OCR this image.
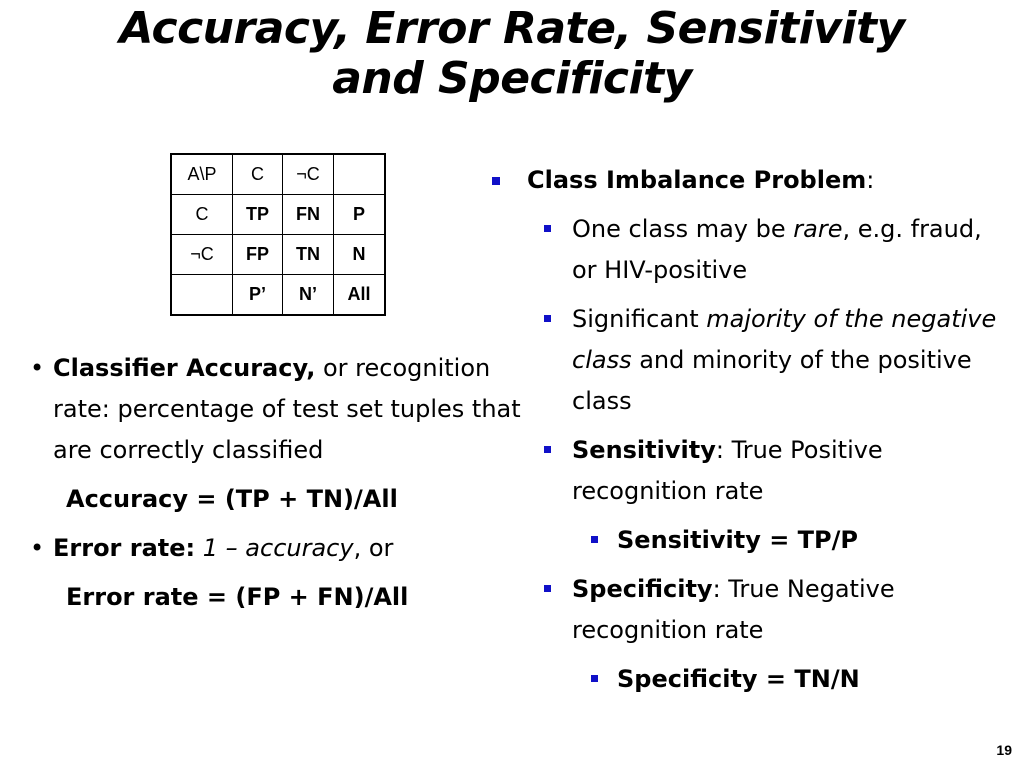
Accuracy, Error Rate, Sensitivity
and Specificity
A\P	C	¬C	
C	TP	FN	P
¬C	FP	TN	N
	P’	N’	All
• Classifier Accuracy, or recognition rate: percentage of test set tuples that are correctly classified
Accuracy = (TP + TN)/All
• Error rate: 1 – accuracy, or
Error rate = (FP + FN)/All
Class Imbalance Problem:
One class may be rare, e.g. fraud, or HIV-positive
Significant majority of the negative class and minority of the positive class
Sensitivity: True Positive recognition rate
Sensitivity = TP/P
Specificity: True Negative recognition rate
Specificity = TN/N
19
